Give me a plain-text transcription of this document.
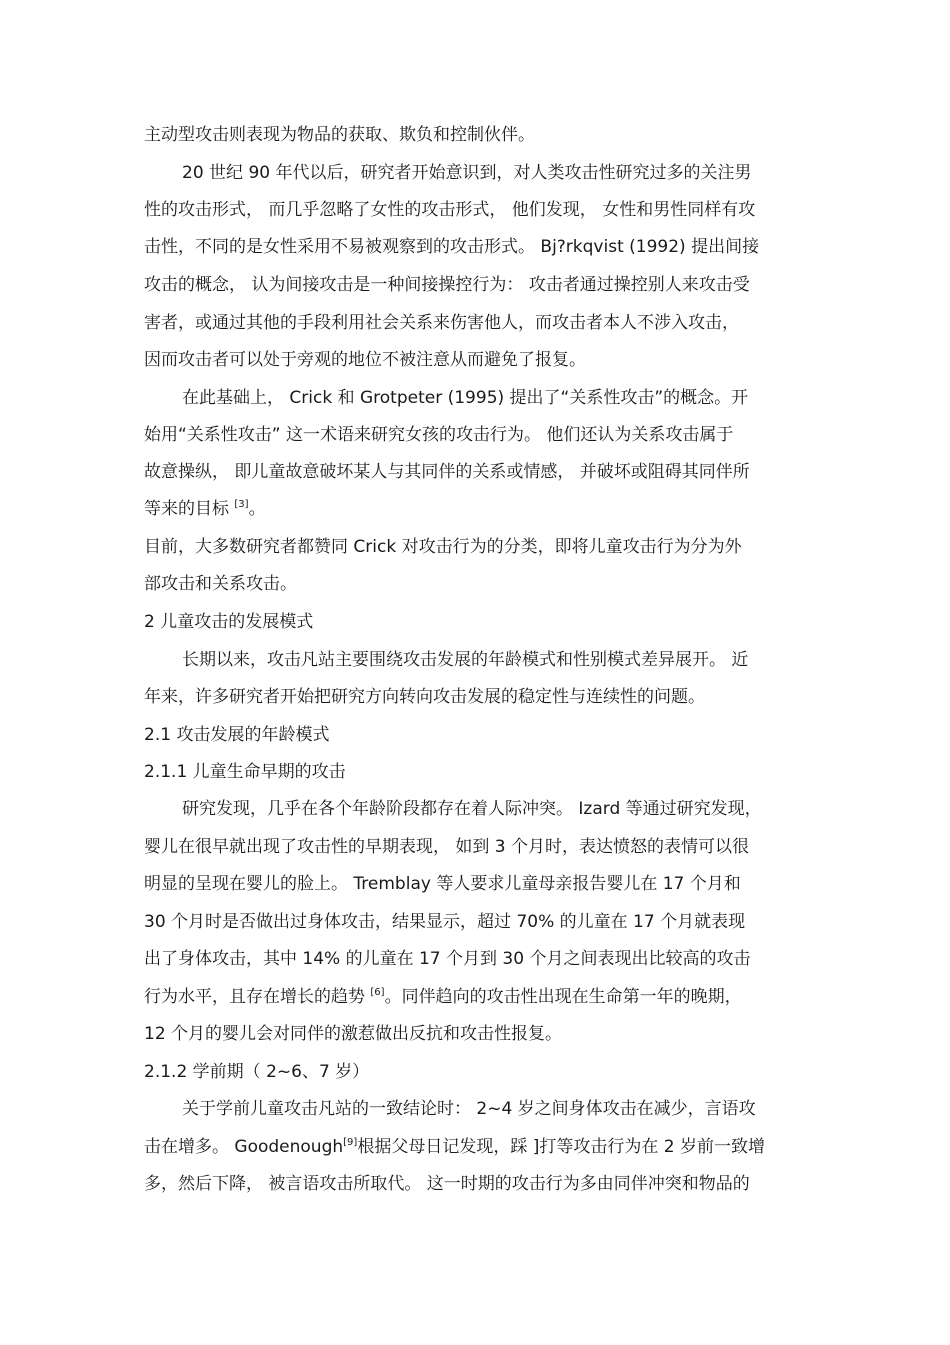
主动型攻击则表现为物品的获取、欺负和控制伙伴。
20 世纪 90 年代以后，研究者开始意识到，对人类攻击性研究过多的关注男
性的攻击形式， 而几乎忽略了女性的攻击形式， 他们发现， 女性和男性同样有攻
击性，不同的是女性采用不易被观察到的攻击形式。 Bj?rkqvist (1992) 提出间接
攻击的概念， 认为间接攻击是一种间接操控行为： 攻击者通过操控别人来攻击受
害者，或通过其他的手段利用社会关系来伤害他人，而攻击者本人不涉入攻击，
因而攻击者可以处于旁观的地位不被注意从而避免了报复。
在此基础上， Crick 和 Grotpeter (1995) 提出了“关系性攻击”的概念。开
始用“关系性攻击” 这一术语来研究女孩的攻击行为。 他们还认为关系攻击属于
故意操纵， 即儿童故意破坏某人与其同伴的关系或情感， 并破坏或阻碍其同伴所
等来的目标 [3]。
目前，大多数研究者都赞同 Crick 对攻击行为的分类，即将儿童攻击行为分为外
部攻击和关系攻击。
2 儿童攻击的发展模式
长期以来，攻击凡站主要围绕攻击发展的年龄模式和性别模式差异展开。 近
年来，许多研究者开始把研究方向转向攻击发展的稳定性与连续性的问题。
2.1 攻击发展的年龄模式
2.1.1 儿童生命早期的攻击
研究发现，几乎在各个年龄阶段都存在着人际冲突。 Izard 等通过研究发现，
婴儿在很早就出现了攻击性的早期表现， 如到 3 个月时，表达愤怒的表情可以很
明显的呈现在婴儿的脸上。 Tremblay 等人要求儿童母亲报告婴儿在 17 个月和
30 个月时是否做出过身体攻击，结果显示，超过 70% 的儿童在 17 个月就表现
出了身体攻击，其中 14% 的儿童在 17 个月到 30 个月之间表现出比较高的攻击
行为水平，且存在增长的趋势 [6]。同伴趋向的攻击性出现在生命第一年的晚期，
12 个月的婴儿会对同伴的激惹做出反抗和攻击性报复。
2.1.2 学前期（ 2~6、7 岁）
关于学前儿童攻击凡站的一致结论时： 2~4 岁之间身体攻击在减少，言语攻
击在增多。 Goodenough[9]根据父母日记发现，踩 ]打等攻击行为在 2 岁前一致增
多，然后下降， 被言语攻击所取代。 这一时期的攻击行为多由同伴冲突和物品的
